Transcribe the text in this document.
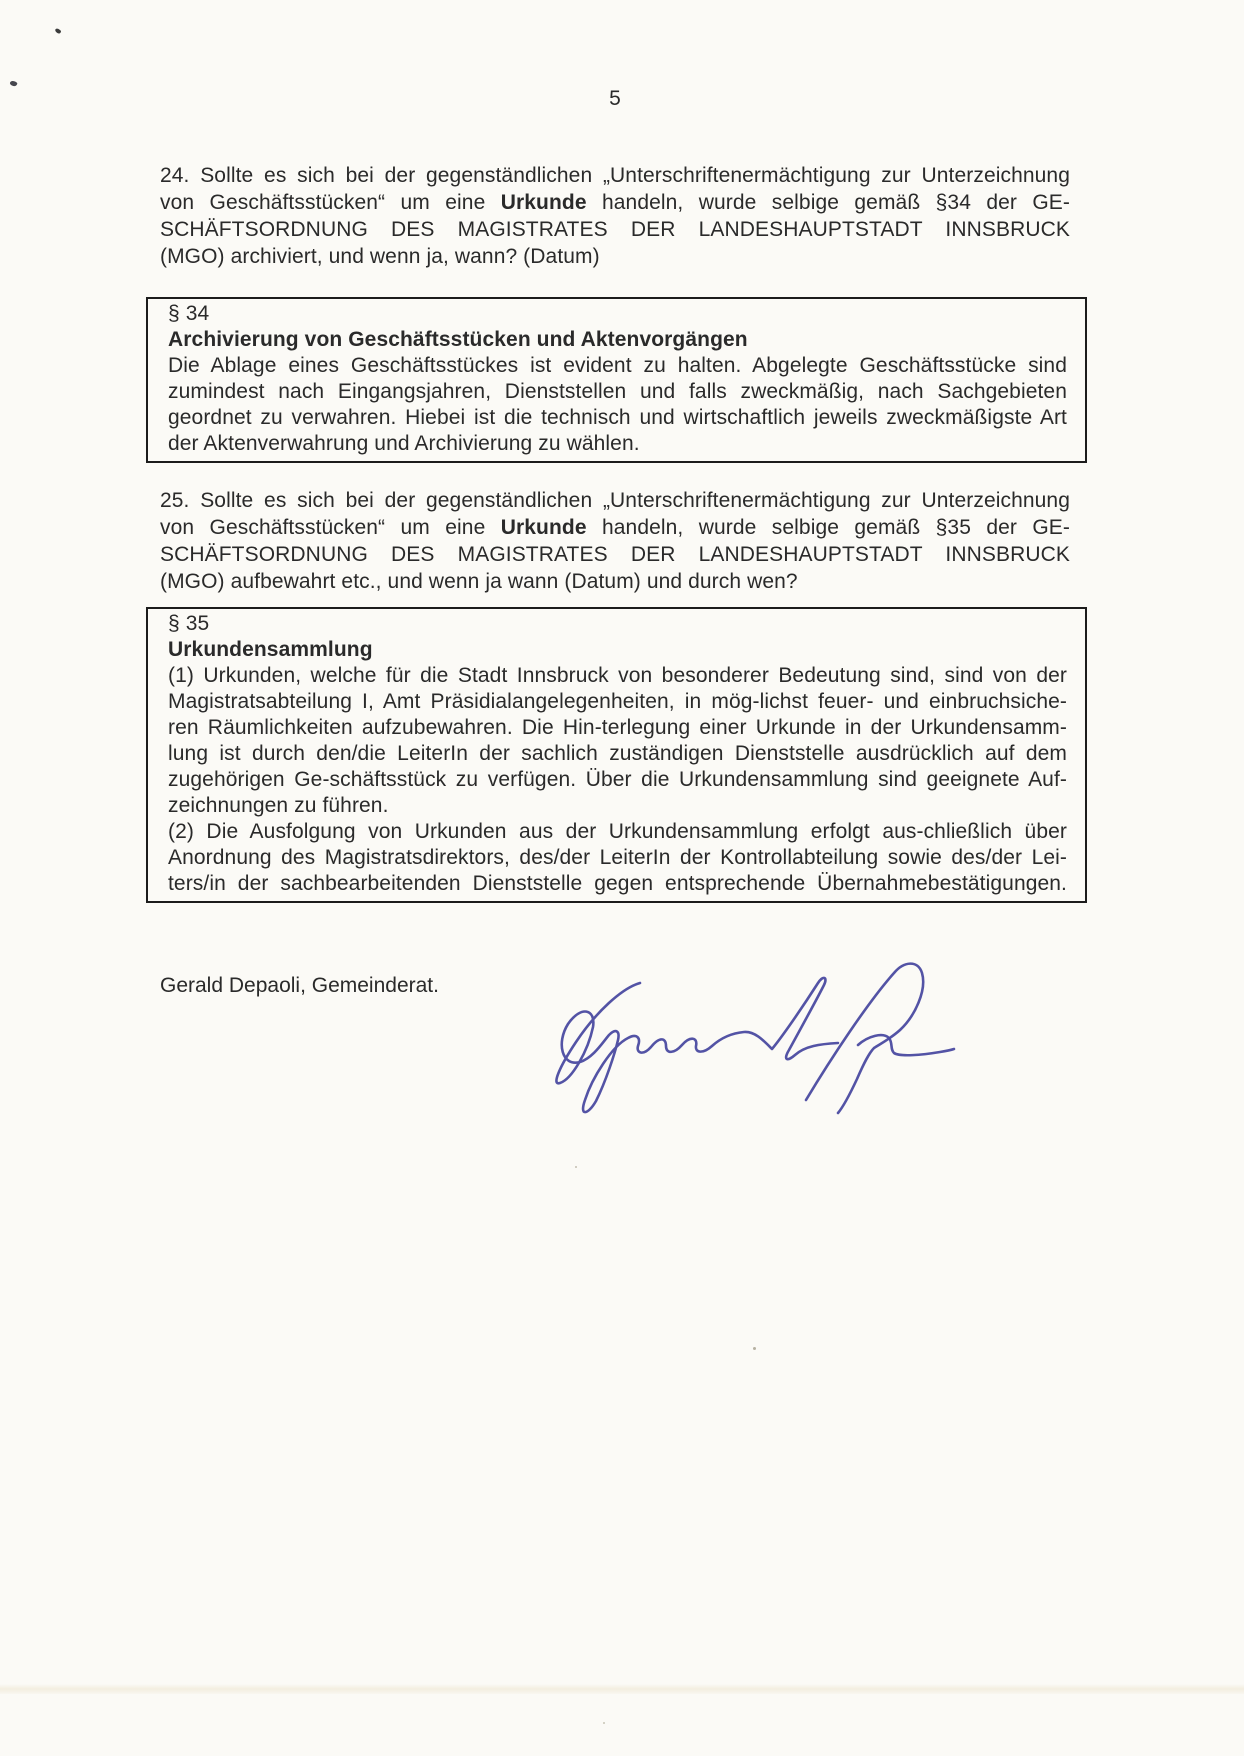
5
24. Sollte es sich bei der gegenständlichen „Unterschriftenermächtigung zur Unterzeichnung
von Geschäftsstücken“ um eine Urkunde handeln, wurde selbige gemäß §34 der GE-
SCHÄFTSORDNUNG DES MAGISTRATES DER LANDESHAUPTSTADT INNSBRUCK
(MGO) archiviert, und wenn ja, wann? (Datum)
§ 34
Archivierung von Geschäftsstücken und Aktenvorgängen
Die Ablage eines Geschäftsstückes ist evident zu halten. Abgelegte Geschäftsstücke sind
zumindest nach Eingangsjahren, Dienststellen und falls zweckmäßig, nach Sachgebieten
geordnet zu verwahren. Hiebei ist die technisch und wirtschaftlich jeweils zweckmäßigste Art
der Aktenverwahrung und Archivierung zu wählen.
25. Sollte es sich bei der gegenständlichen „Unterschriftenermächtigung zur Unterzeichnung
von Geschäftsstücken“ um eine Urkunde handeln, wurde selbige gemäß §35 der GE-
SCHÄFTSORDNUNG DES MAGISTRATES DER LANDESHAUPTSTADT INNSBRUCK
(MGO) aufbewahrt etc., und wenn ja wann (Datum) und durch wen?
§ 35
Urkundensammlung
(1) Urkunden, welche für die Stadt Innsbruck von besonderer Bedeutung sind, sind von der
Magistratsabteilung I, Amt Präsidialangelegenheiten, in mög-lichst feuer- und einbruchsiche-
ren Räumlichkeiten aufzubewahren. Die Hin-terlegung einer Urkunde in der Urkundensamm-
lung ist durch den/die LeiterIn der sachlich zuständigen Dienststelle ausdrücklich auf dem
zugehörigen Ge-schäftsstück zu verfügen. Über die Urkundensammlung sind geeignete Auf-
zeichnungen zu führen.
(2) Die Ausfolgung von Urkunden aus der Urkundensammlung erfolgt aus-chließlich über
Anordnung des Magistratsdirektors, des/der LeiterIn der Kontrollabteilung sowie des/der Lei-
ters/in der sachbearbeitenden Dienststelle gegen entsprechende Übernahmebestätigungen.
Gerald Depaoli, Gemeinderat.
